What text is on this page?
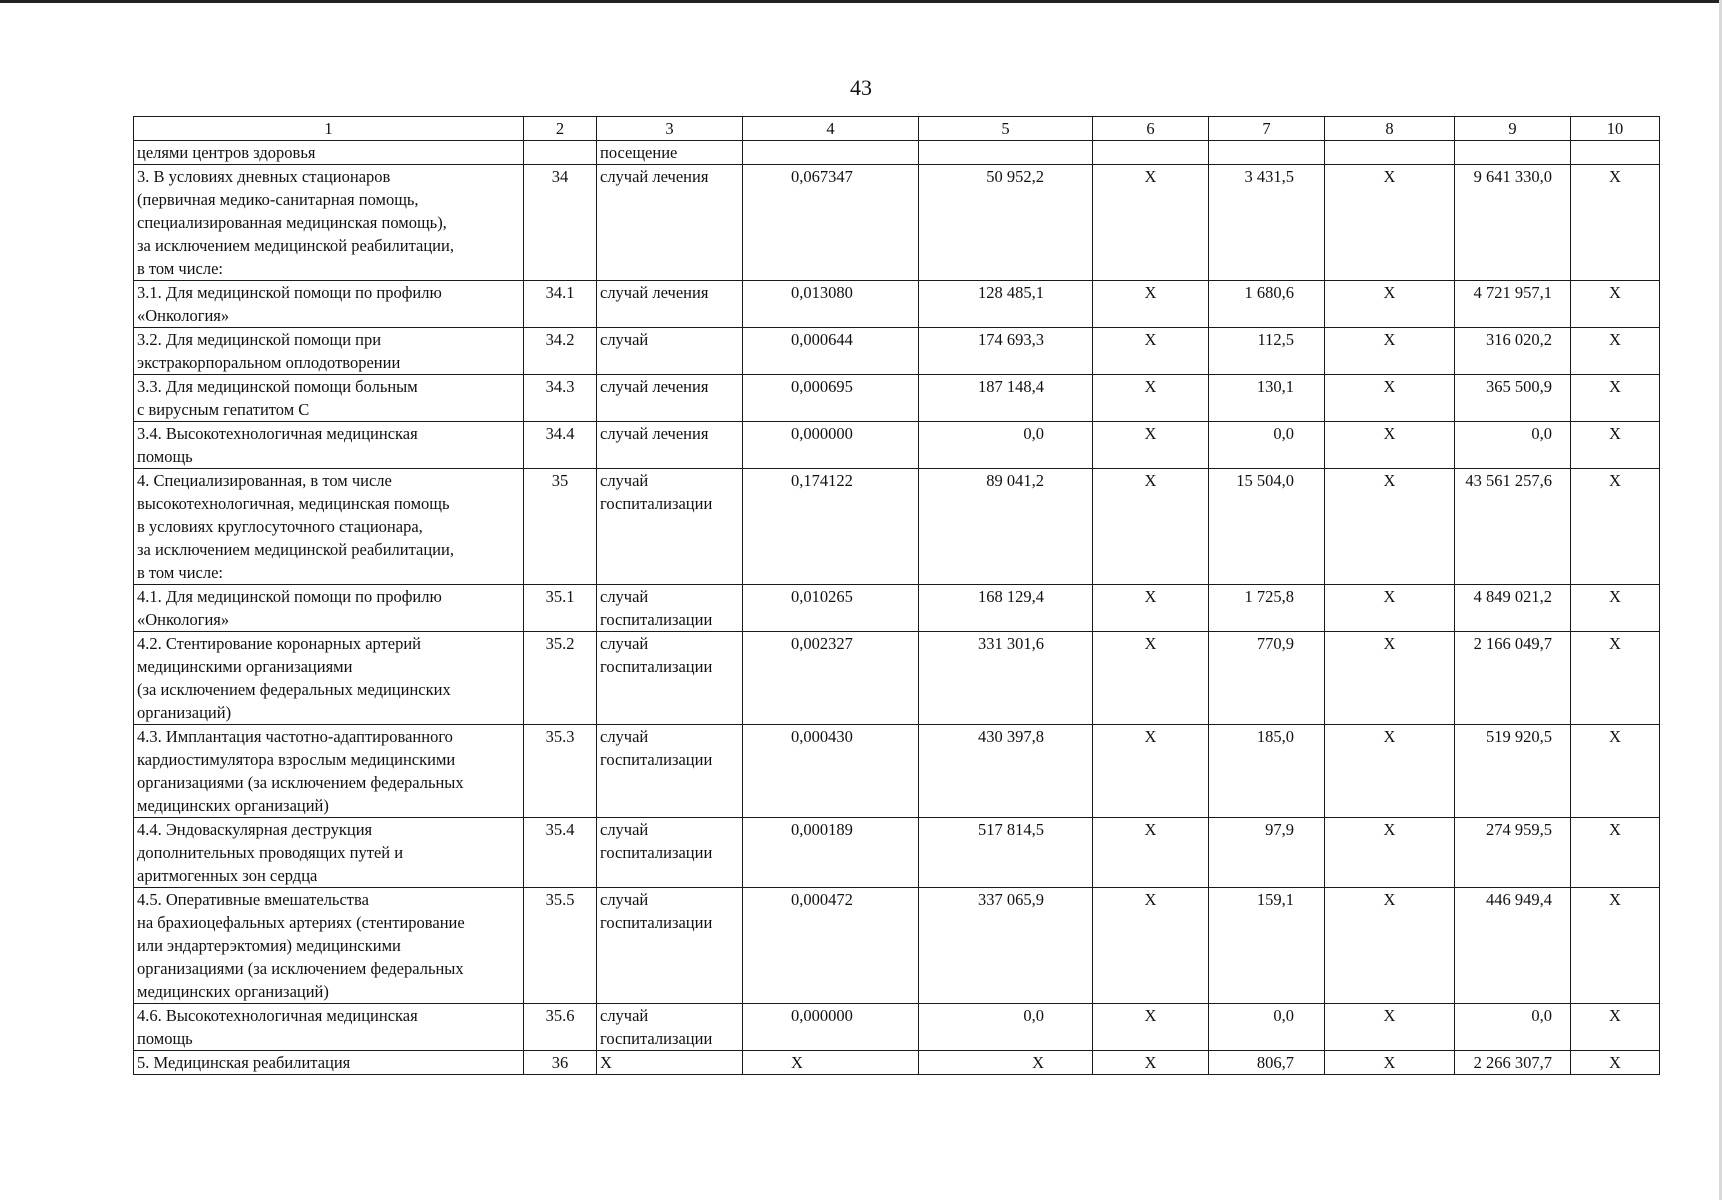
43
1	2	3	4	5	6	7	8	9	10
целями центров здоровья		посещение							
3. В условиях дневных стационаров
(первичная медико-санитарная помощь,
специализированная медицинская помощь),
за исключением медицинской реабилитации,
в том числе:	34	случай лечения	0,067347	50 952,2	X	3 431,5	X	9 641 330,0	X
3.1. Для медицинской помощи по профилю
«Онкология»	34.1	случай лечения	0,013080	128 485,1	X	1 680,6	X	4 721 957,1	X
3.2. Для медицинской помощи при
экстракорпоральном оплодотворении	34.2	случай	0,000644	174 693,3	X	112,5	X	316 020,2	X
3.3. Для медицинской помощи больным
с вирусным гепатитом С	34.3	случай лечения	0,000695	187 148,4	X	130,1	X	365 500,9	X
3.4. Высокотехнологичная медицинская
помощь	34.4	случай лечения	0,000000	0,0	X	0,0	X	0,0	X
4. Специализированная, в том числе
высокотехнологичная, медицинская помощь
в условиях круглосуточного стационара,
за исключением медицинской реабилитации,
в том числе:	35	случай
госпитализации	0,174122	89 041,2	X	15 504,0	X	43 561 257,6	X
4.1. Для медицинской помощи по профилю
«Онкология»	35.1	случай
госпитализации	0,010265	168 129,4	X	1 725,8	X	4 849 021,2	X
4.2. Стентирование коронарных артерий
медицинскими организациями
(за исключением федеральных медицинских
организаций)	35.2	случай
госпитализации	0,002327	331 301,6	X	770,9	X	2 166 049,7	X
4.3. Имплантация частотно-адаптированного
кардиостимулятора взрослым медицинскими
организациями (за исключением федеральных
медицинских организаций)	35.3	случай
госпитализации	0,000430	430 397,8	X	185,0	X	519 920,5	X
4.4. Эндоваскулярная деструкция
дополнительных проводящих путей и
аритмогенных зон сердца	35.4	случай
госпитализации	0,000189	517 814,5	X	97,9	X	274 959,5	X
4.5. Оперативные вмешательства
на брахиоцефальных артериях (стентирование
или эндартерэктомия) медицинскими
организациями (за исключением федеральных
медицинских организаций)	35.5	случай
госпитализации	0,000472	337 065,9	X	159,1	X	446 949,4	X
4.6. Высокотехнологичная медицинская
помощь	35.6	случай
госпитализации	0,000000	0,0	X	0,0	X	0,0	X
5. Медицинская реабилитация	36	X	X	X	X	806,7	X	2 266 307,7	X
